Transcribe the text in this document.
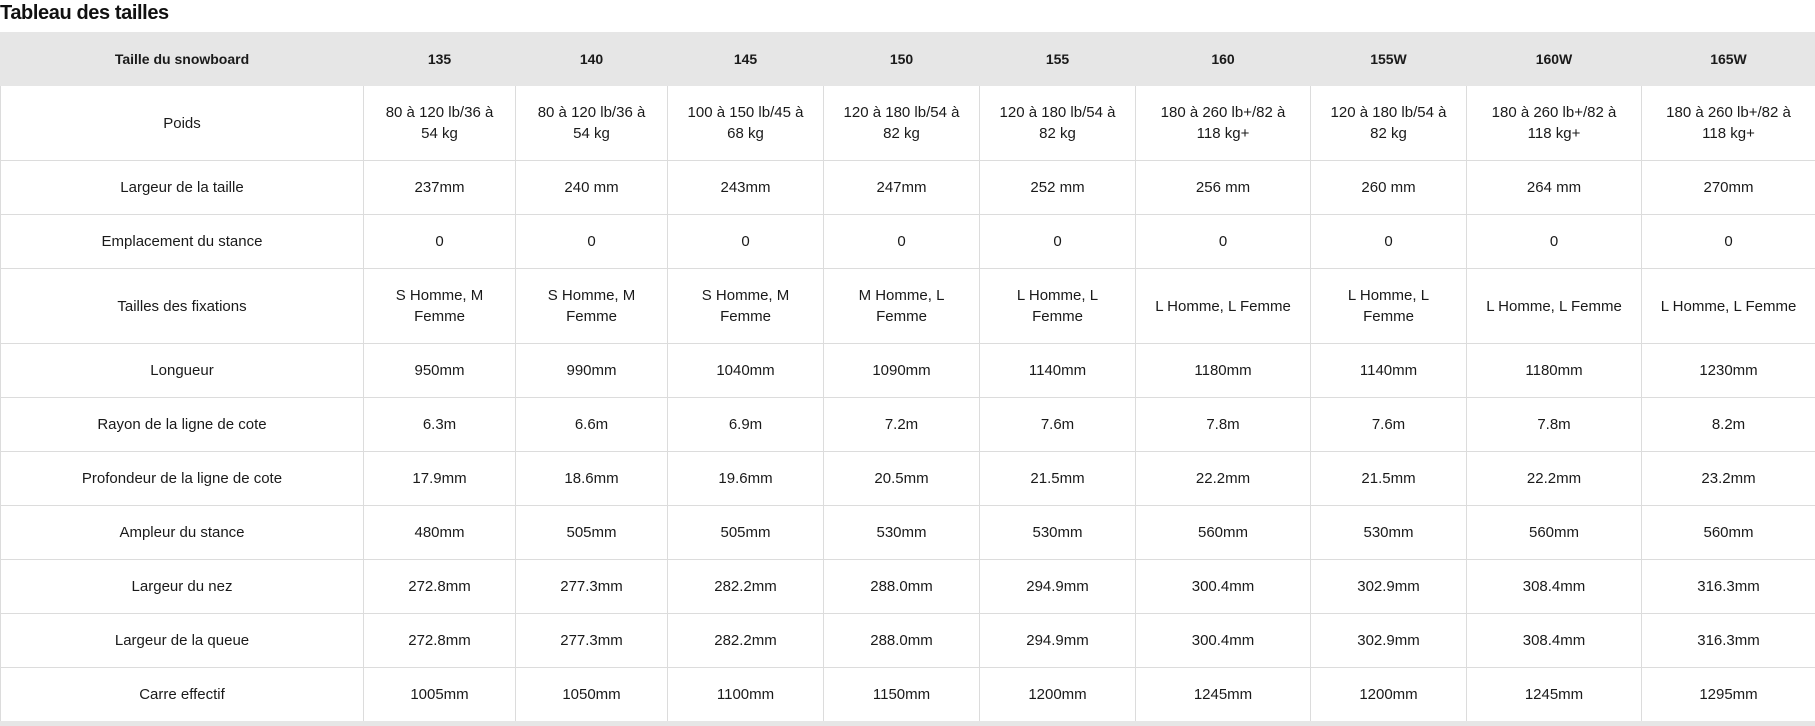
Tableau des tailles
Taille du snowboard	135	140	145	150	155	160	155W	160W	165W
Poids	80 à 120 lb/36 à 54 kg	80 à 120 lb/36 à 54 kg	100 à 150 lb/45 à 68 kg	120 à 180 lb/54 à 82 kg	120 à 180 lb/54 à 82 kg	180 à 260 lb+/82 à 118 kg+	120 à 180 lb/54 à 82 kg	180 à 260 lb+/82 à 118 kg+	180 à 260 lb+/82 à 118 kg+
Largeur de la taille	237mm	240 mm	243mm	247mm	252 mm	256 mm	260 mm	264 mm	270mm
Emplacement du stance	0	0	0	0	0	0	0	0	0
Tailles des fixations	S Homme, M Femme	S Homme, M Femme	S Homme, M Femme	M Homme, L Femme	L Homme, L Femme	L Homme, L Femme	L Homme, L Femme	L Homme, L Femme	L Homme, L Femme
Longueur	950mm	990mm	1040mm	1090mm	1140mm	1180mm	1140mm	1180mm	1230mm
Rayon de la ligne de cote	6.3m	6.6m	6.9m	7.2m	7.6m	7.8m	7.6m	7.8m	8.2m
Profondeur de la ligne de cote	17.9mm	18.6mm	19.6mm	20.5mm	21.5mm	22.2mm	21.5mm	22.2mm	23.2mm
Ampleur du stance	480mm	505mm	505mm	530mm	530mm	560mm	530mm	560mm	560mm
Largeur du nez	272.8mm	277.3mm	282.2mm	288.0mm	294.9mm	300.4mm	302.9mm	308.4mm	316.3mm
Largeur de la queue	272.8mm	277.3mm	282.2mm	288.0mm	294.9mm	300.4mm	302.9mm	308.4mm	316.3mm
Carre effectif	1005mm	1050mm	1100mm	1150mm	1200mm	1245mm	1200mm	1245mm	1295mm
